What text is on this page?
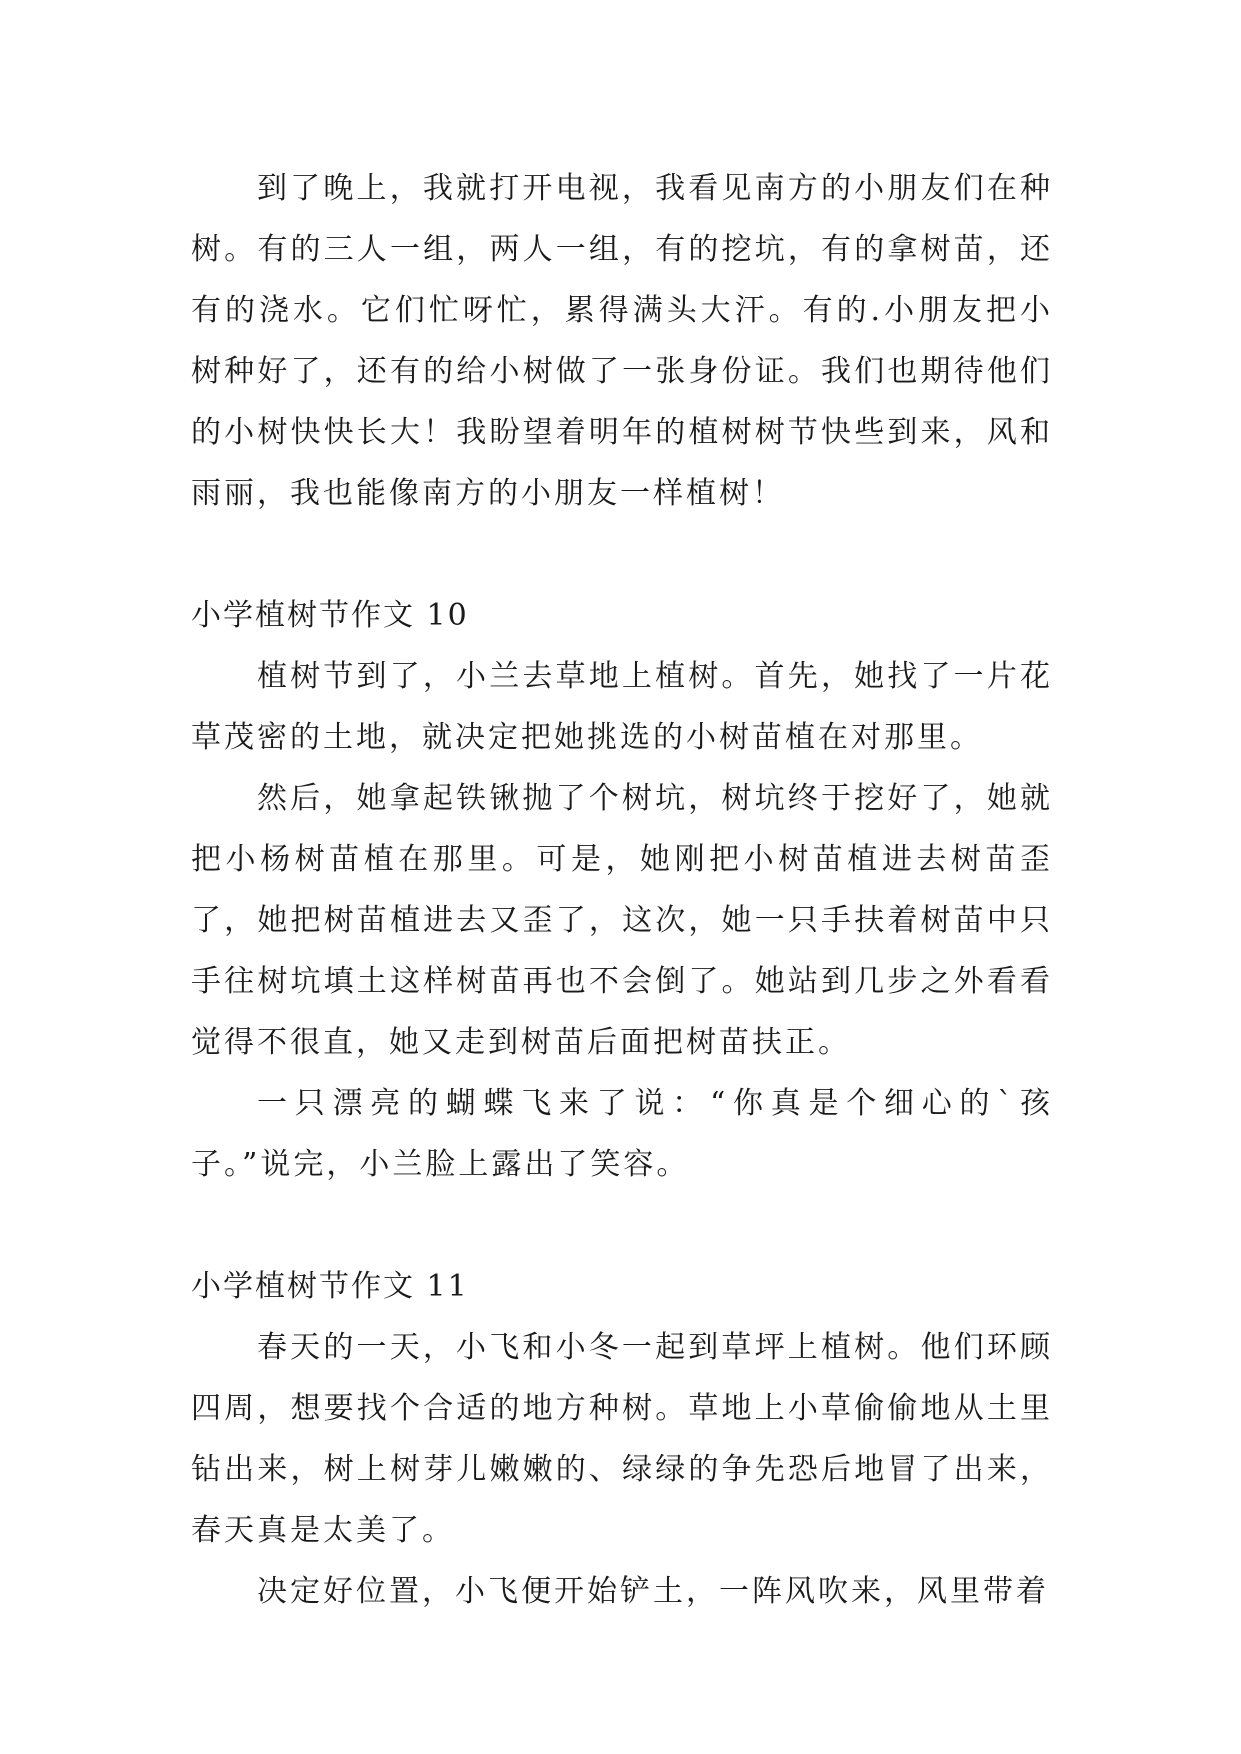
到了晚上，我就打开电视，我看见南方的小朋友们在种树。有的三人一组，两人一组，有的挖坑，有的拿树苗，还有的浇水。它们忙呀忙，累得满头大汗。有的.小朋友把小树种好了，还有的给小树做了一张身份证。我们也期待他们的小树快快长大！我盼望着明年的植树树节快些到来，风和雨丽，我也能像南方的小朋友一样植树！

小学植树节作文 10

植树节到了，小兰去草地上植树。首先，她找了一片花草茂密的土地，就决定把她挑选的小树苗植在对那里。

然后，她拿起铁锹抛了个树坑，树坑终于挖好了，她就把小杨树苗植在那里。可是，她刚把小树苗植进去树苗歪了，她把树苗植进去又歪了，这次，她一只手扶着树苗中只手往树坑填土这样树苗再也不会倒了。她站到几步之外看看觉得不很直，她又走到树苗后面把树苗扶正。

一只漂亮的蝴蝶飞来了说：“你真是个细心的`孩子。”说完，小兰脸上露出了笑容。

小学植树节作文 11

春天的一天，小飞和小冬一起到草坪上植树。他们环顾四周，想要找个合适的地方种树。草地上小草偷偷地从土里钻出来，树上树芽儿嫩嫩的、绿绿的争先恐后地冒了出来，春天真是太美了。

决定好位置，小飞便开始铲土，一阵风吹来，风里带着
